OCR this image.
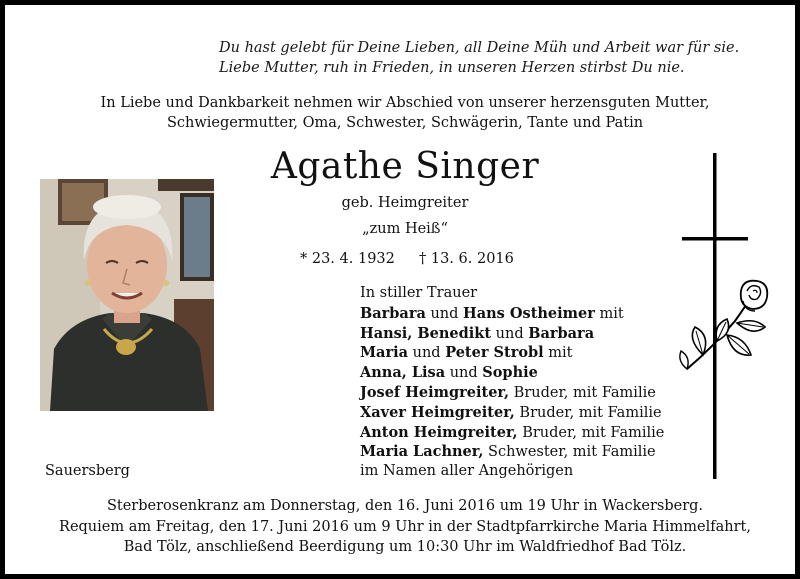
Du hast gelebt für Deine Lieben, all Deine Müh und Arbeit war für sie.
Liebe Mutter, ruh in Frieden, in unseren Herzen stirbst Du nie.
In Liebe und Dankbarkeit nehmen wir Abschied von unserer herzensguten Mutter,
Schwiegermutter, Oma, Schwester, Schwägerin, Tante und Patin
Agathe Singer
geb. Heimgreiter
„zum Heiß“
* 23. 4. 1932 † 13. 6. 2016
Sauersberg
In stiller Trauer
Barbara und Hans Ostheimer mit
Hansi, Benedikt und Barbara
Maria und Peter Strobl mit
Anna, Lisa und Sophie
Josef Heimgreiter, Bruder, mit Familie
Xaver Heimgreiter, Bruder, mit Familie
Anton Heimgreiter, Bruder, mit Familie
Maria Lachner, Schwester, mit Familie
im Namen aller Angehörigen
Sterberosenkranz am Donnerstag, den 16. Juni 2016 um 19 Uhr in Wackersberg.
Requiem am Freitag, den 17. Juni 2016 um 9 Uhr in der Stadtpfarrkirche Maria Himmelfahrt,
Bad Tölz, anschließend Beerdigung um 10:30 Uhr im Waldfriedhof Bad Tölz.
